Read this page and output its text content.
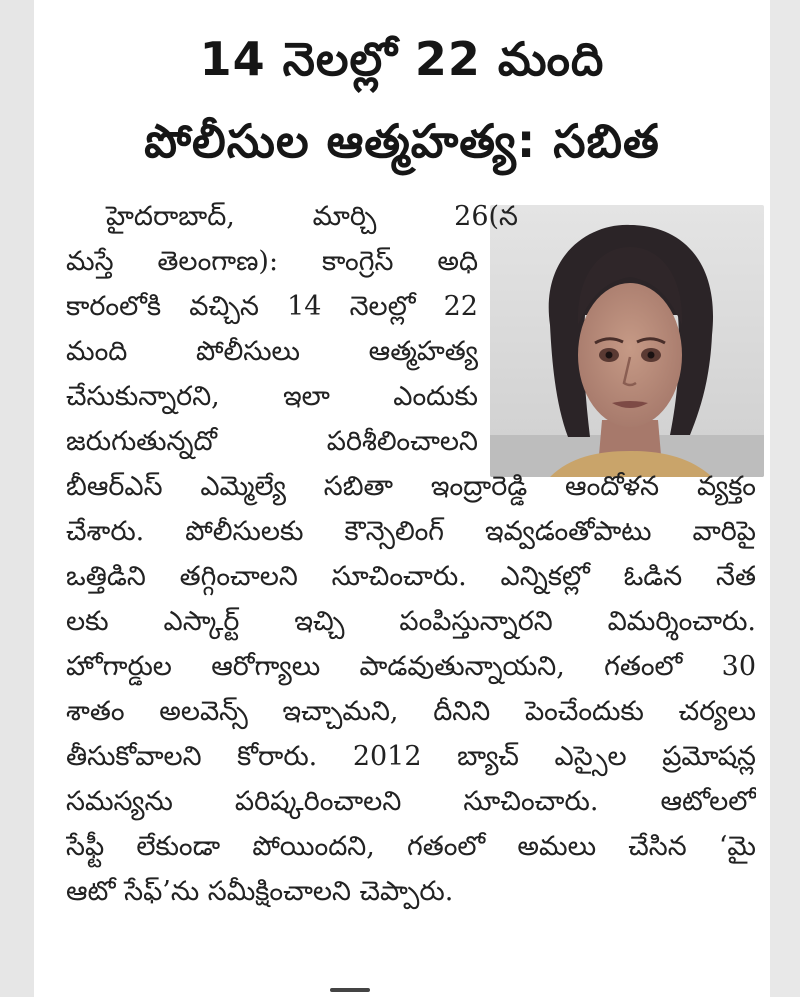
14 నెలల్లో 22 మంది
పోలీసుల ఆత్మహత్య: సబిత
హైదరాబాద్, మార్చి 26(న
మస్తే తెలంగాణ): కాంగ్రెస్ అధి
కారంలోకి వచ్చిన 14 నెలల్లో 22
మంది పోలీసులు ఆత్మహత్య
చేసుకున్నారని, ఇలా ఎందుకు
జరుగుతున్నదో పరిశీలించాలని
బీఆర్‌ఎస్ ఎమ్మెల్యే సబితా ఇంద్రారెడ్డి ఆందోళన వ్యక్తం
చేశారు. పోలీసులకు కౌన్సెలింగ్ ఇవ్వడంతోపాటు వారిపై
ఒత్తిడిని తగ్గించాలని సూచించారు. ఎన్నికల్లో ఓడిన నేత
లకు ఎస్కార్ట్ ఇచ్చి పంపిస్తున్నారని విమర్శించారు.
హోగార్డుల ఆరోగ్యాలు పాడవుతున్నాయని, గతంలో 30
శాతం అలవెన్స్ ఇచ్చామని, దీనిని పెంచేందుకు చర్యలు
తీసుకోవాలని కోరారు. 2012 బ్యాచ్ ఎస్సైల ప్రమోషన్ల
సమస్యను పరిష్కరించాలని సూచించారు. ఆటోలలో
సేఫ్టీ లేకుండా పోయిందని, గతంలో అమలు చేసిన ‘మై
ఆటో సేఫ్’ను సమీక్షించాలని చెప్పారు.
